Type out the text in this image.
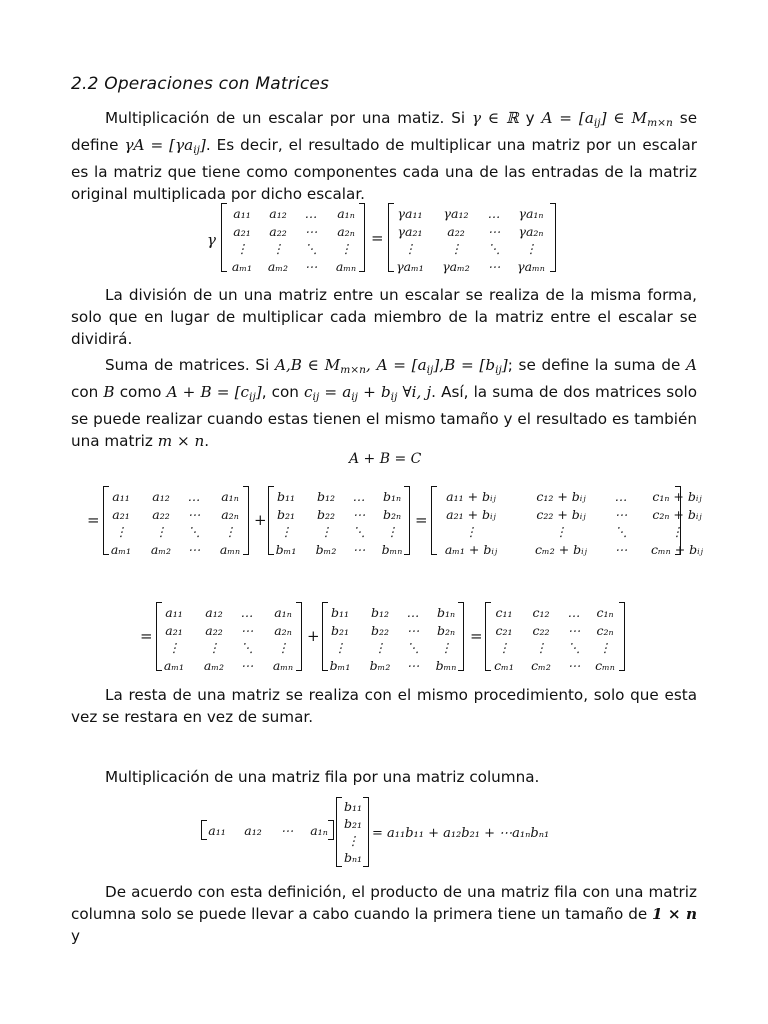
2.2 Operaciones con Matrices

Multiplicación de un escalar por una matiz. Si γ ∈ ℝ y $A = [a_{ij}]$ ∈ $M_{m\times n}$ se define $\gamma A = [\gamma a_{ij}]$. Es decir, el resultado de multiplicar una matriz por un escalar es la matriz que tiene como componentes cada una de las entradas de la matriz original multiplicada por dicho escalar.

γ
a₁₁ a₁₂ … a₁ₙ
a₂₁ a₂₂ ⋯ a₂ₙ
⋮ ⋮ ⋱ ⋮
aₘ₁ aₘ₂ ⋯ aₘₙ
=
γa₁₁ γa₁₂ … γa₁ₙ
γa₂₁ a₂₂ ⋯ γa₂ₙ
⋮	⋮ ⋱ ⋮
γaₘ₁ γaₘ₂ ⋯ γaₘₙ

La división de un una matriz entre un escalar se realiza de la misma forma, solo que en lugar de multiplicar cada miembro de la matriz entre el escalar se dividirá.

Suma de matrices. Si A,B ∈ $M_{m\times n}$, $A = [a_{ij}],B = [b_{ij}]$; se define la suma de A con B como $A + B = [c_{ij}]$, con $c_{ij} = a_{ij} + b_{ij}$ ∀i, j. Así, la suma de dos matrices solo se puede realizar cuando estas tienen el mismo tamaño y el resultado es también una matriz m × n.

A + B = C
=
a₁₁ a₁₂ … a₁ₙ
a₂₁ a₂₂ ⋯ a₂ₙ
⋮ ⋮ ⋱ ⋮
aₘ₁ aₘ₂ ⋯ aₘₙ
+
b₁₁ b₁₂ … b₁ₙ
b₂₁ b₂₂ ⋯ b₂ₙ
⋮ ⋮ ⋱ ⋮
bₘ₁ bₘ₂ ⋯ bₘₙ
=
a₁₁ + bᵢⱼ	c₁₂ + bᵢⱼ … c₁ₙ + bᵢⱼ
a₂₁ + bᵢⱼ	c₂₂ + bᵢⱼ ⋯ c₂ₙ + bᵢⱼ
⋮	⋮	⋱	⋮
aₘ₁ + bᵢⱼ	cₘ₂ + bᵢⱼ ⋯ cₘₙ + bᵢⱼ
=
a₁₁ a₁₂ … a₁ₙ
a₂₁ a₂₂ ⋯ a₂ₙ
⋮ ⋮ ⋱ ⋮
aₘ₁ aₘ₂ ⋯ aₘₙ
+
b₁₁ b₁₂ … b₁ₙ
b₂₁ b₂₂ ⋯ b₂ₙ
⋮ ⋮ ⋱ ⋮
bₘ₁ bₘ₂ ⋯ bₘₙ
=
c₁₁ c₁₂ … c₁ₙ
c₂₁ c₂₂ ⋯ c₂ₙ
⋮ ⋮ ⋱ ⋮
cₘ₁ cₘ₂ ⋯ cₘₙ

La resta de una matriz se realiza con el mismo procedimiento, solo que esta vez se restara en vez de sumar.

Multiplicación de una matriz fila por una matriz columna.

a₁₁ a₁₂ ⋯ a₁ₙ
b₁₁
b₂₁
⋮
bₙ₁
= a₁₁b₁₁ + a₁₂b₂₁ + ⋯a₁ₙbₙ₁

De acuerdo con esta definición, el producto de una matriz fila con una matriz columna solo se puede llevar a cabo cuando la primera tiene un tamaño de 1 × n y
